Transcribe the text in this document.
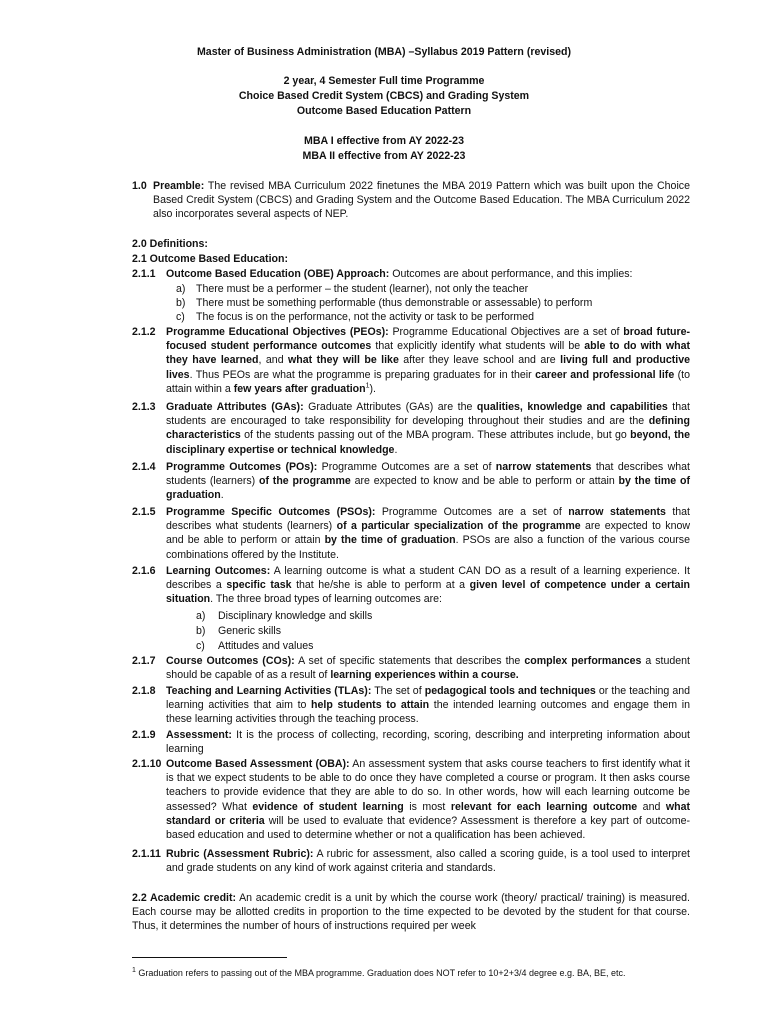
Master of Business Administration (MBA) –Syllabus 2019 Pattern (revised)
2 year, 4 Semester Full time Programme
Choice Based Credit System (CBCS) and Grading System
Outcome Based Education Pattern
MBA I effective from AY 2022-23
MBA II effective from AY 2022-23
1.0 Preamble: The revised MBA Curriculum 2022 finetunes the MBA 2019 Pattern which was built upon the Choice Based Credit System (CBCS) and Grading System and the Outcome Based Education. The MBA Curriculum 2022 also incorporates several aspects of NEP.
2.0 Definitions:
2.1 Outcome Based Education:
2.1.1 Outcome Based Education (OBE) Approach: Outcomes are about performance, and this implies:
a) There must be a performer – the student (learner), not only the teacher
b) There must be something performable (thus demonstrable or assessable) to perform
c) The focus is on the performance, not the activity or task to be performed
2.1.2 Programme Educational Objectives (PEOs): Programme Educational Objectives are a set of broad future-focused student performance outcomes that explicitly identify what students will be able to do with what they have learned, and what they will be like after they leave school and are living full and productive lives. Thus PEOs are what the programme is preparing graduates for in their career and professional life (to attain within a few years after graduation$^1$).
2.1.3 Graduate Attributes (GAs): Graduate Attributes (GAs) are the qualities, knowledge and capabilities that students are encouraged to take responsibility for developing throughout their studies and are the defining characteristics of the students passing out of the MBA program. These attributes include, but go beyond, the disciplinary expertise or technical knowledge.
2.1.4 Programme Outcomes (POs): Programme Outcomes are a set of narrow statements that describes what students (learners) of the programme are expected to know and be able to perform or attain by the time of graduation.
2.1.5 Programme Specific Outcomes (PSOs): Programme Outcomes are a set of narrow statements that describes what students (learners) of a particular specialization of the programme are expected to know and be able to perform or attain by the time of graduation. PSOs are also a function of the various course combinations offered by the Institute.
2.1.6 Learning Outcomes: A learning outcome is what a student CAN DO as a result of a learning experience. It describes a specific task that he/she is able to perform at a given level of competence under a certain situation. The three broad types of learning outcomes are:
a) Disciplinary knowledge and skills
b) Generic skills
c) Attitudes and values
2.1.7 Course Outcomes (COs): A set of specific statements that describes the complex performances a student should be capable of as a result of learning experiences within a course.
2.1.8 Teaching and Learning Activities (TLAs): The set of pedagogical tools and techniques or the teaching and learning activities that aim to help students to attain the intended learning outcomes and engage them in these learning activities through the teaching process.
2.1.9 Assessment: It is the process of collecting, recording, scoring, describing and interpreting information about learning
2.1.10 Outcome Based Assessment (OBA): An assessment system that asks course teachers to first identify what it is that we expect students to be able to do once they have completed a course or program. It then asks course teachers to provide evidence that they are able to do so. In other words, how will each learning outcome be assessed? What evidence of student learning is most relevant for each learning outcome and what standard or criteria will be used to evaluate that evidence? Assessment is therefore a key part of outcome-based education and used to determine whether or not a qualification has been achieved.
2.1.11 Rubric (Assessment Rubric): A rubric for assessment, also called a scoring guide, is a tool used to interpret and grade students on any kind of work against criteria and standards.
2.2 Academic credit: An academic credit is a unit by which the course work (theory/ practical/ training) is measured. Each course may be allotted credits in proportion to the time expected to be devoted by the student for that course. Thus, it determines the number of hours of instructions required per week
$^1$ Graduation refers to passing out of the MBA programme. Graduation does NOT refer to 10+2+3/4 degree e.g. BA, BE, etc.
